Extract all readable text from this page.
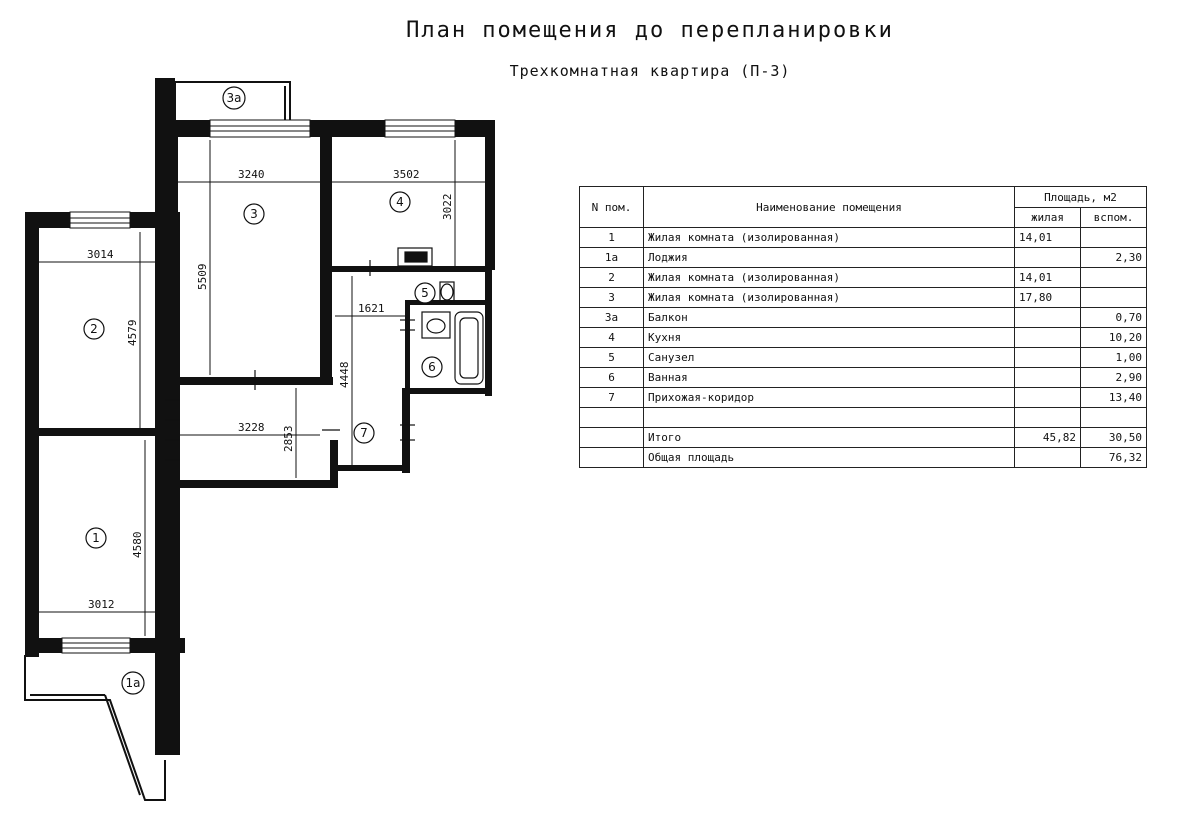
План помещения до перепланировки
Трехкомнатная квартира (П-3)
3240
5509
3502
3022
3014
4579
3228 2853
1621
4448
3012
4580
1
1а
2
3
3а
4
5
6
7
N пом.	Наименование помещения	Площадь, м2	
		жилая	вспом.
1	Жилая комната (изолированная)	14,01	
1а	Лоджия		2,30
2	Жилая комната (изолированная)	14,01	
3	Жилая комната (изолированная)	17,80	
3а	Балкон		0,70
4	Кухня		10,20
5	Санузел		1,00
6	Ванная		2,90
7	Прихожая-коридор		13,40

	Итого	45,82	30,50
	Общая площадь		76,32
